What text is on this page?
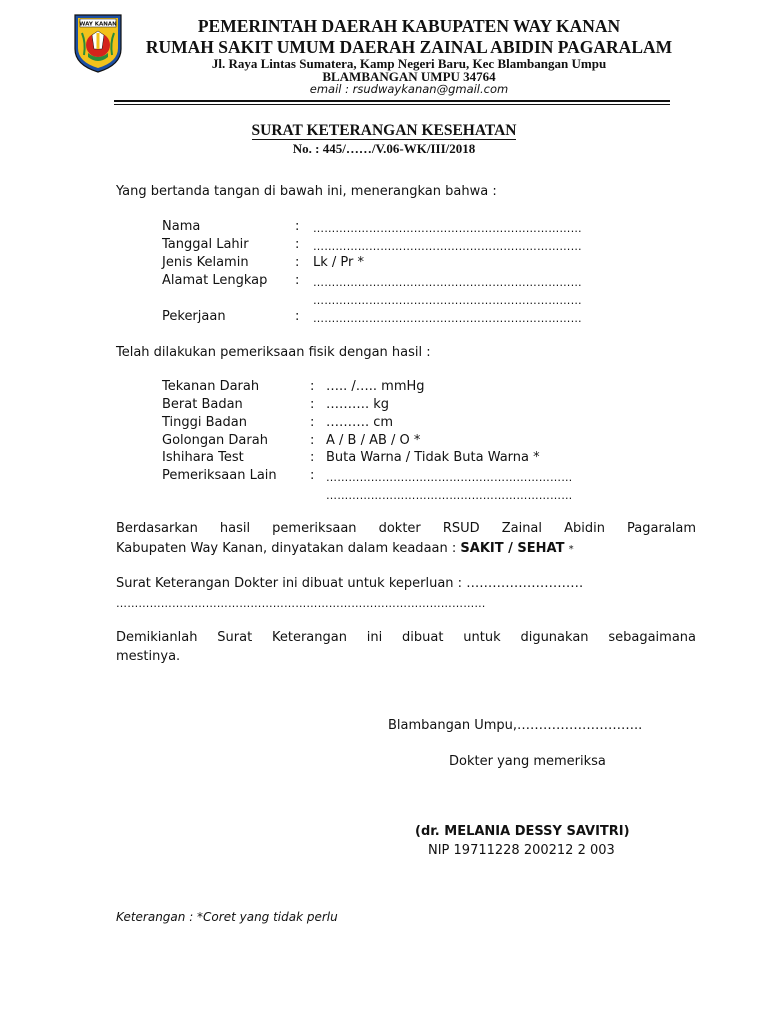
WAY KANAN	PEMERINTAH DAERAH KABUPATEN WAY KANAN
RUMAH SAKIT UMUM DAERAH ZAINAL ABIDIN PAGARALAM
Jl. Raya Lintas Sumatera, Kamp Negeri Baru, Kec Blambangan Umpu
BLAMBANGAN UMPU 34764
email : rsudwaykanan@gmail.com
SURAT KETERANGAN KESEHATAN
No. : 445/……/V.06-WK/III/2018
Yang bertanda tangan di bawah ini, menerangkan bahwa :
Nama	: ………………………………………………………………
Tanggal Lahir	: ………………………………………………………………
Jenis Kelamin	: Lk / Pr *
Alamat Lengkap : ………………………………………………………………
………………………………………………………………
Pekerjaan	: ………………………………………………………………
Telah dilakukan pemeriksaan fisik dengan hasil :
Tekanan Darah	: ….. /….. mmHg
Berat Badan	: ………. kg
Tinggi Badan	: ………. cm
Golongan Darah	: A / B / AB / O *
Ishihara Test	: Buta Warna / Tidak Buta Warna *
Pemeriksaan Lain	: …………………………………………………………
…………………………………………………………
Berdasarkan hasil pemeriksaan dokter RSUD Zainal Abidin Pagaralam
Kabupaten Way Kanan, dinyatakan dalam keadaan : SAKIT / SEHAT *
Surat Keterangan Dokter ini dibuat untuk keperluan : ………………………
………………………………………………………………………………………
Demikianlah Surat Keterangan ini dibuat untuk digunakan sebagaimana
mestinya.
Blambangan Umpu,………………………..
Dokter yang memeriksa
(dr. MELANIA DESSY SAVITRI)
NIP 19711228 200212 2 003
Keterangan : *Coret yang tidak perlu
